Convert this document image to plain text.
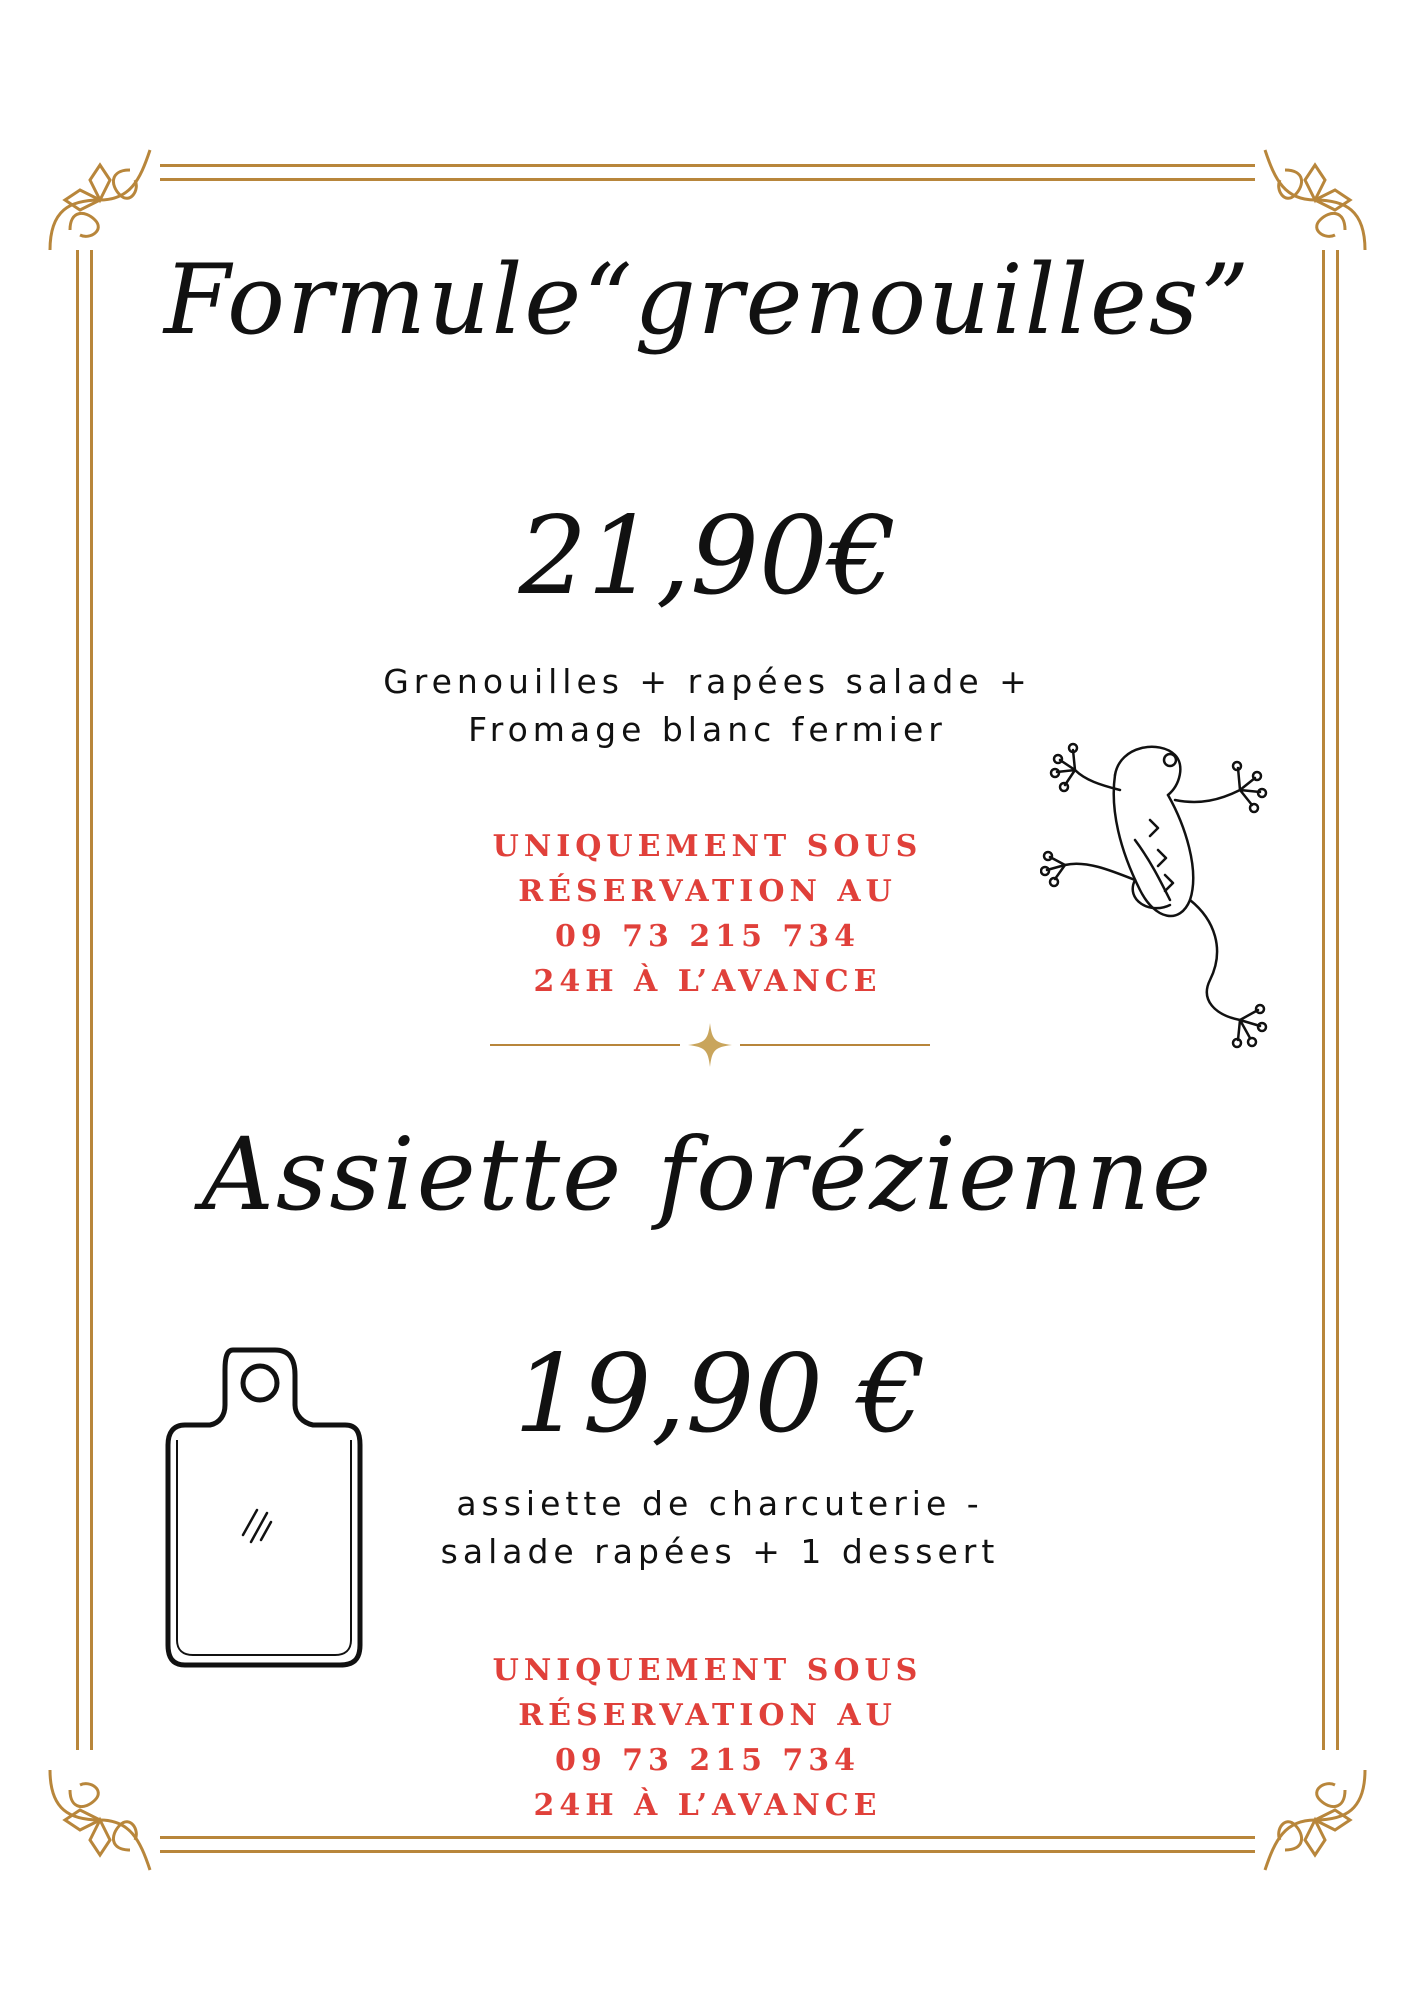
Formule“grenouilles”
21,90€
Grenouilles + rapées salade +
Fromage blanc fermier
UNIQUEMENT SOUS
RÉSERVATION AU
09 73 215 734
24H À L’AVANCE
Assiette forézienne
19,90 €
assiette de charcuterie -
salade rapées + 1 dessert
UNIQUEMENT SOUS
RÉSERVATION AU
09 73 215 734
24H À L’AVANCE
